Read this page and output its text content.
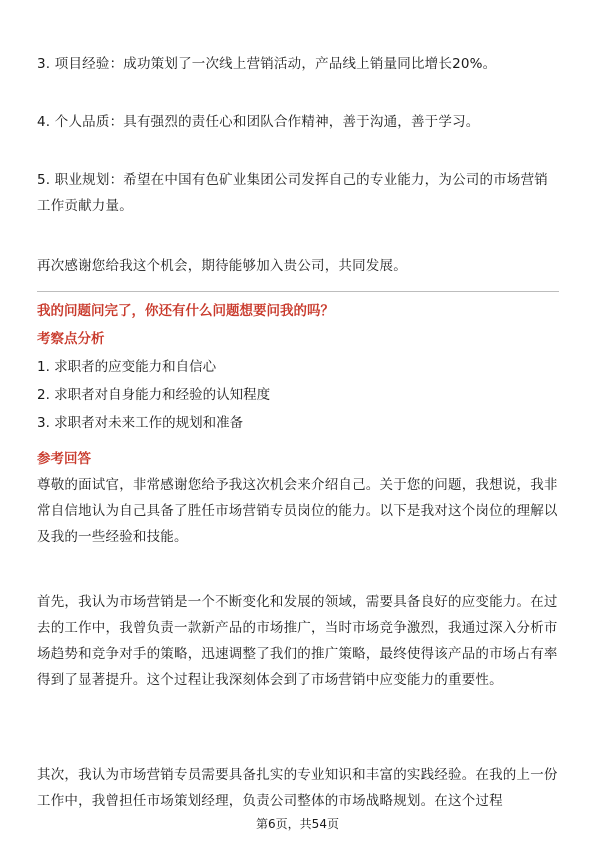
3. 项目经验：成功策划了一次线上营销活动，产品线上销量同比增长20%。

4. 个人品质：具有强烈的责任心和团队合作精神，善于沟通，善于学习。

5. 职业规划：希望在中国有色矿业集团公司发挥自己的专业能力，为公司的市场营销工作贡献力量。

再次感谢您给我这个机会，期待能够加入贵公司，共同发展。

我的问题问完了，你还有什么问题想要问我的吗？

考察点分析

1. 求职者的应变能力和自信心

2. 求职者对自身能力和经验的认知程度

3. 求职者对未来工作的规划和准备

参考回答

尊敬的面试官，非常感谢您给予我这次机会来介绍自己。关于您的问题，我想说，我非常自信地认为自己具备了胜任市场营销专员岗位的能力。以下是我对这个岗位的理解以及我的一些经验和技能。

首先，我认为市场营销是一个不断变化和发展的领域，需要具备良好的应变能力。在过去的工作中，我曾负责一款新产品的市场推广，当时市场竞争激烈，我通过深入分析市场趋势和竞争对手的策略，迅速调整了我们的推广策略，最终使得该产品的市场占有率得到了显著提升。这个过程让我深刻体会到了市场营销中应变能力的重要性。

其次，我认为市场营销专员需要具备扎实的专业知识和丰富的实践经验。在我的上一份工作中，我曾担任市场策划经理，负责公司整体的市场战略规划。在这个过程

第6页，共54页
